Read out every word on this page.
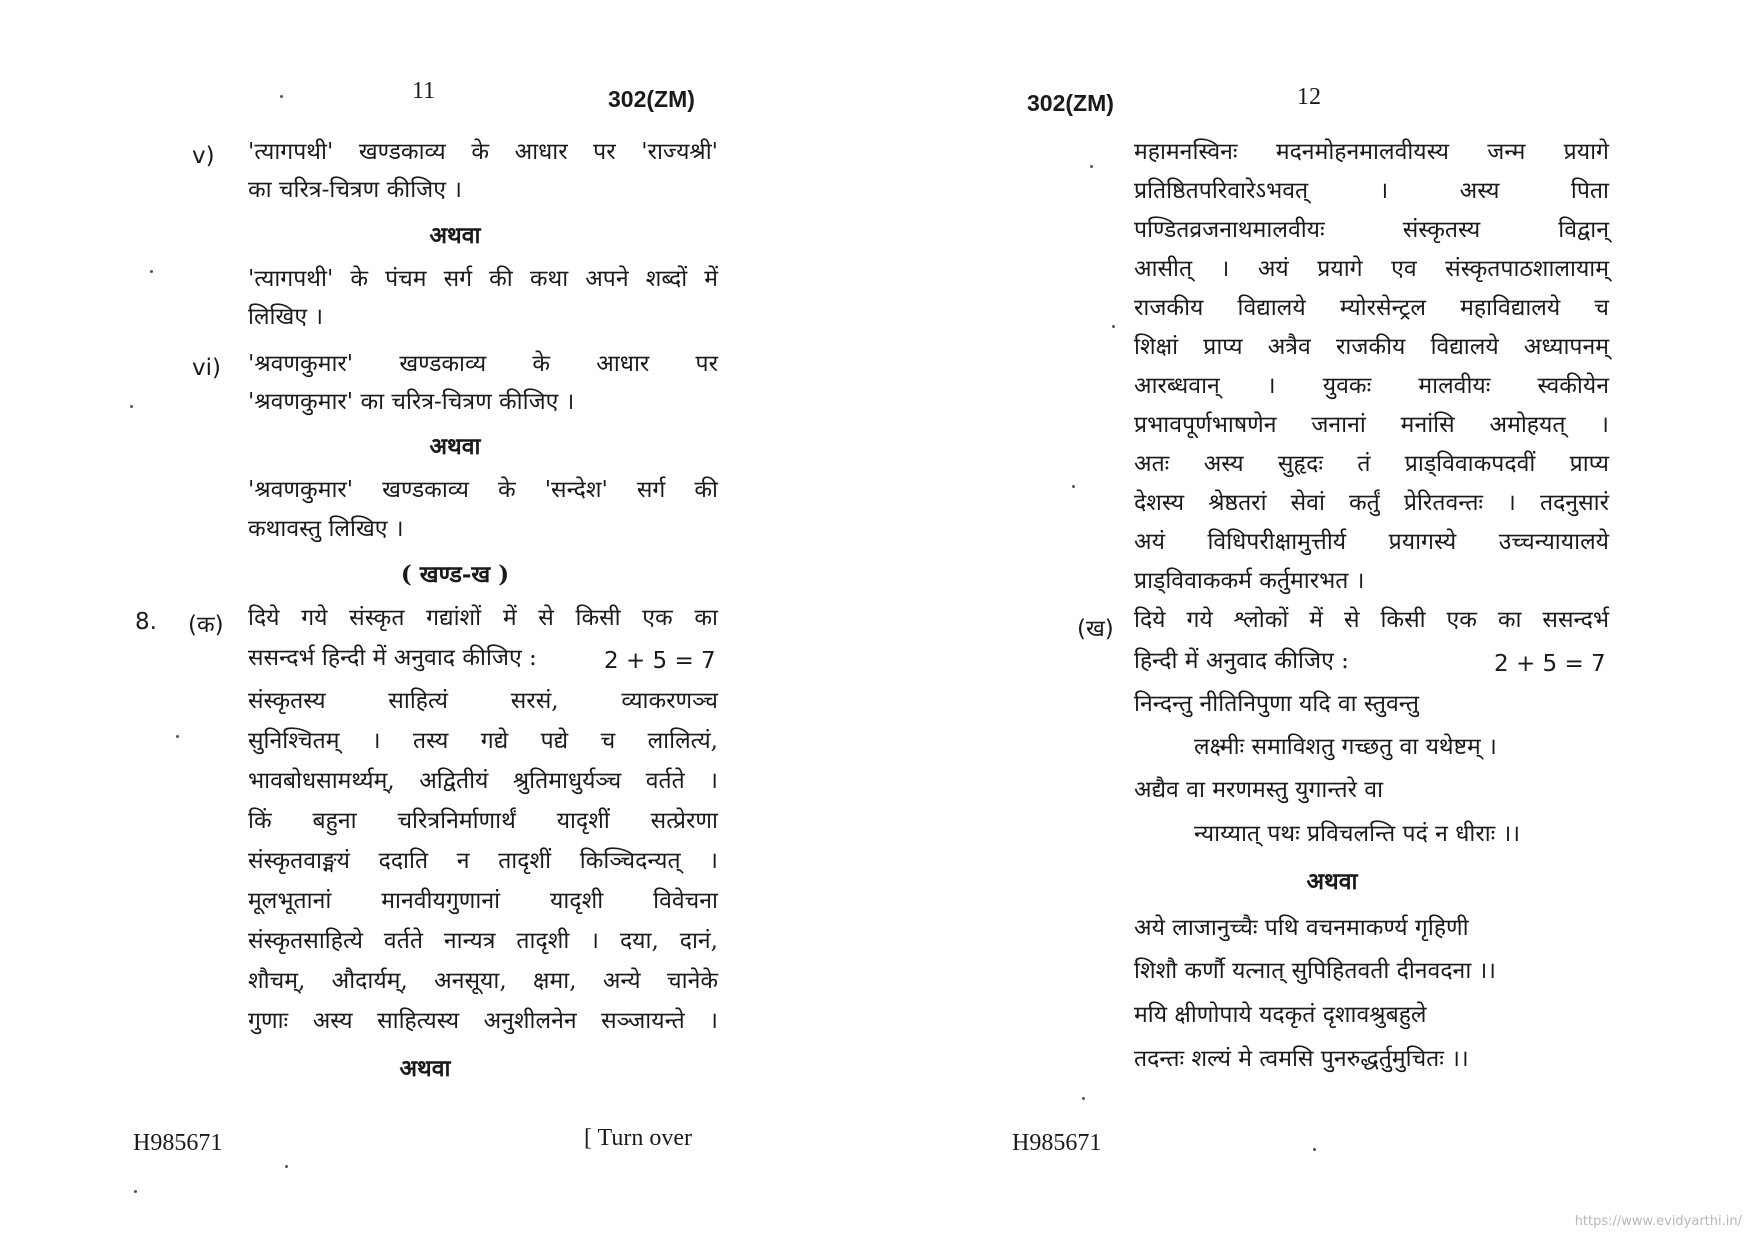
11	302(ZM)
v) 'त्यागपथी' खण्डकाव्य के आधार पर 'राज्यश्री'
का चरित्र-चित्रण कीजिए ।
अथवा
'त्यागपथी' के पंचम सर्ग की कथा अपने शब्दों में
लिखिए ।
vi) 'श्रवणकुमार' खण्डकाव्य के आधार पर
'श्रवणकुमार' का चरित्र-चित्रण कीजिए ।
अथवा
'श्रवणकुमार' खण्डकाव्य के 'सन्देश' सर्ग की
कथावस्तु लिखिए ।
( खण्ड-ख )
8. (क) दिये गये संस्कृत गद्यांशों में से किसी एक का
ससन्दर्भ हिन्दी में अनुवाद कीजिए :	2 + 5 = 7
संस्कृतस्य साहित्यं सरसं, व्याकरणञ्च
सुनिश्चितम् । तस्य गद्ये पद्ये च लालित्यं,
भावबोधसामर्थ्यम्, अद्वितीयं श्रुतिमाधुर्यञ्च वर्तते ।
किं बहुना चरित्रनिर्माणार्थं यादृशीं सत्प्रेरणा
संस्कृतवाङ्मयं ददाति न तादृशीं किञ्चिदन्यत् ।
मूलभूतानां मानवीयगुणानां यादृशी विवेचना
संस्कृतसाहित्ये वर्तते नान्यत्र तादृशी । दया, दानं,
शौचम्, औदार्यम्, अनसूया, क्षमा, अन्ये चानेके
गुणाः अस्य साहित्यस्य अनुशीलनेन सञ्जायन्ते ।
अथवा
H985671	[ Turn over
302(ZM)	12
महामनस्विनः मदनमोहनमालवीयस्य जन्म प्रयागे
प्रतिष्ठितपरिवारेऽभवत् । अस्य पिता
पण्डितव्रजनाथमालवीयः संस्कृतस्य विद्वान्
आसीत् । अयं प्रयागे एव संस्कृतपाठशालायाम्
राजकीय विद्यालये म्योरसेन्ट्रल महाविद्यालये च
शिक्षां प्राप्य अत्रैव राजकीय विद्यालये अध्यापनम्
आरब्धवान् । युवकः मालवीयः स्वकीयेन
प्रभावपूर्णभाषणेन जनानां मनांसि अमोहयत् ।
अतः अस्य सुहृदः तं प्राड्विवाकपदवीं प्राप्य
देशस्य श्रेष्ठतरां सेवां कर्तुं प्रेरितवन्तः । तदनुसारं
अयं विधिपरीक्षामुत्तीर्य प्रयागस्ये उच्चन्यायालये
प्राड्विवाककर्म कर्तुमारभत ।
(ख) दिये गये श्लोकों में से किसी एक का ससन्दर्भ
हिन्दी में अनुवाद कीजिए :	2 + 5 = 7
निन्दन्तु नीतिनिपुणा यदि वा स्तुवन्तु
लक्ष्मीः समाविशतु गच्छतु वा यथेष्टम् ।
अद्यैव वा मरणमस्तु युगान्तरे वा
न्याय्यात् पथः प्रविचलन्ति पदं न धीराः ।।
अथवा
अये लाजानुच्चैः पथि वचनमाकर्ण्य गृहिणी
शिशौ कर्णौ यत्नात् सुपिहितवती दीनवदना ।।
मयि क्षीणोपाये यदकृतं दृशावश्रुबहुले
तदन्तः शल्यं मे त्वमसि पुनरुद्धर्तुमुचितः ।।
H985671
https://www.evidyarthi.in/
